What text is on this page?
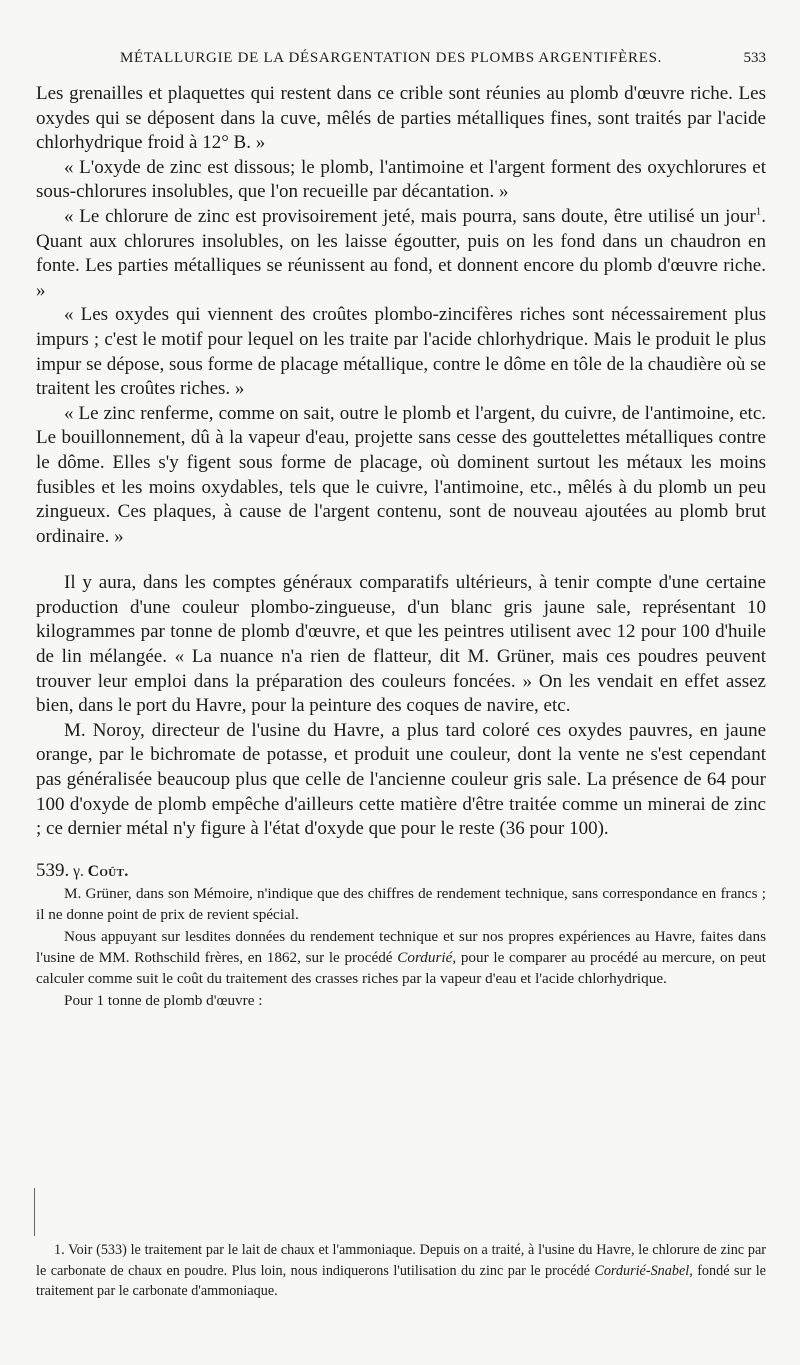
MÉTALLURGIE DE LA DÉSARGENTATION DES PLOMBS ARGENTIFÈRES.	533

Les grenailles et plaquettes qui restent dans ce crible sont réunies au plomb d'œuvre riche. Les oxydes qui se déposent dans la cuve, mêlés de parties métalliques fines, sont traités par l'acide chlorhydrique froid à 12° B. »

« L'oxyde de zinc est dissous; le plomb, l'antimoine et l'argent forment des oxychlorures et sous-chlorures insolubles, que l'on recueille par décantation. »

« Le chlorure de zinc est provisoirement jeté, mais pourra, sans doute, être utilisé un jour$^1$. Quant aux chlorures insolubles, on les laisse égoutter, puis on les fond dans un chaudron en fonte. Les parties métalliques se réunissent au fond, et donnent encore du plomb d'œuvre riche. »

« Les oxydes qui viennent des croûtes plombo-zincifères riches sont nécessairement plus impurs ; c'est le motif pour lequel on les traite par l'acide chlorhydrique. Mais le produit le plus impur se dépose, sous forme de placage métallique, contre le dôme en tôle de la chaudière où se traitent les croûtes riches. »

« Le zinc renferme, comme on sait, outre le plomb et l'argent, du cuivre, de l'antimoine, etc. Le bouillonnement, dû à la vapeur d'eau, projette sans cesse des gouttelettes métalliques contre le dôme. Elles s'y figent sous forme de placage, où dominent surtout les métaux les moins fusibles et les moins oxydables, tels que le cuivre, l'antimoine, etc., mêlés à du plomb un peu zingueux. Ces plaques, à cause de l'argent contenu, sont de nouveau ajoutées au plomb brut ordinaire. »

Il y aura, dans les comptes généraux comparatifs ultérieurs, à tenir compte d'une certaine production d'une couleur plombo-zingueuse, d'un blanc gris jaune sale, représentant 10 kilogrammes par tonne de plomb d'œuvre, et que les peintres utilisent avec 12 pour 100 d'huile de lin mélangée. « La nuance n'a rien de flatteur, dit M. Grüner, mais ces poudres peuvent trouver leur emploi dans la préparation des couleurs foncées. » On les vendait en effet assez bien, dans le port du Havre, pour la peinture des coques de navire, etc.

M. Noroy, directeur de l'usine du Havre, a plus tard coloré ces oxydes pauvres, en jaune orange, par le bichromate de potasse, et produit une couleur, dont la vente ne s'est cependant pas généralisée beaucoup plus que celle de l'ancienne couleur gris sale. La présence de 64 pour 100 d'oxyde de plomb empêche d'ailleurs cette matière d'être traitée comme un minerai de zinc ; ce dernier métal n'y figure à l'état d'oxyde que pour le reste (36 pour 100).

539. γ. Coût.

M. Grüner, dans son Mémoire, n'indique que des chiffres de rendement technique, sans correspondance en francs ; il ne donne point de prix de revient spécial.

Nous appuyant sur lesdites données du rendement technique et sur nos propres expériences au Havre, faites dans l'usine de MM. Rothschild frères, en 1862, sur le procédé Cordurié, pour le comparer au procédé au mercure, on peut calculer comme suit le coût du traitement des crasses riches par la vapeur d'eau et l'acide chlorhydrique.

Pour 1 tonne de plomb d'œuvre :

1. Voir (533) le traitement par le lait de chaux et l'ammoniaque. Depuis on a traité, à l'usine du Havre, le chlorure de zinc par le carbonate de chaux en poudre. Plus loin, nous indiquerons l'utilisation du zinc par le procédé Cordurié-Snabel, fondé sur le traitement par le carbonate d'ammoniaque.
